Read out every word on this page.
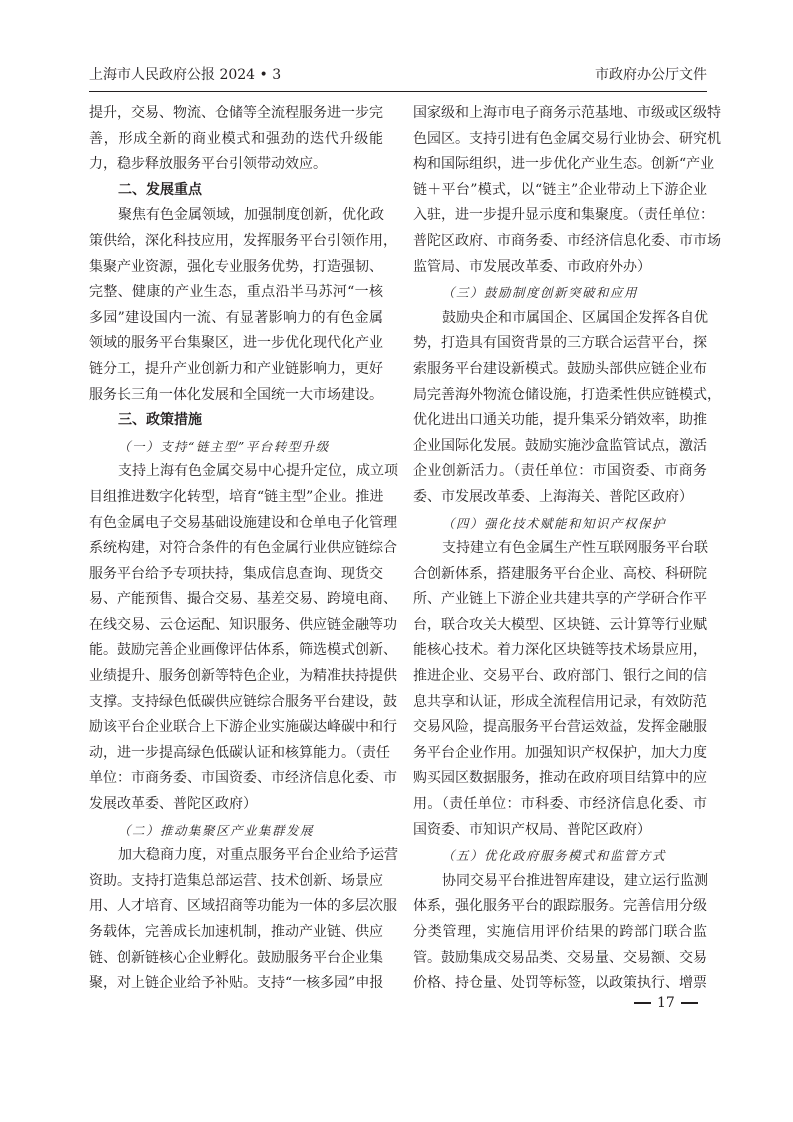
上海市人民政府公报 2024 • 3	市政府办公厅文件
提升，交易、物流、仓储等全流程服务进一步完
善，形成全新的商业模式和强劲的迭代升级能
力，稳步释放服务平台引领带动效应。
二、发展重点
聚焦有色金属领域，加强制度创新，优化政
策供给，深化科技应用，发挥服务平台引领作用，
集聚产业资源，强化专业服务优势，打造强韧、
完整、健康的产业生态，重点沿半马苏河“一核
多园”建设国内一流、有显著影响力的有色金属
领域的服务平台集聚区，进一步优化现代化产业
链分工，提升产业创新力和产业链影响力，更好
服务长三角一体化发展和全国统一大市场建设。
三、政策措施
（一）支持“链主型”平台转型升级
支持上海有色金属交易中心提升定位，成立项
目组推进数字化转型，培育“链主型”企业。推进
有色金属电子交易基础设施建设和仓单电子化管理
系统构建，对符合条件的有色金属行业供应链综合
服务平台给予专项扶持，集成信息查询、现货交
易、产能预售、撮合交易、基差交易、跨境电商、
在线交易、云仓运配、知识服务、供应链金融等功
能。鼓励完善企业画像评估体系，筛选模式创新、
业绩提升、服务创新等特色企业，为精准扶持提供
支撑。支持绿色低碳供应链综合服务平台建设，鼓
励该平台企业联合上下游企业实施碳达峰碳中和行
动，进一步提高绿色低碳认证和核算能力。（责任
单位：市商务委、市国资委、市经济信息化委、市
发展改革委、普陀区政府）
（二）推动集聚区产业集群发展
加大稳商力度，对重点服务平台企业给予运营
资助。支持打造集总部运营、技术创新、场景应
用、人才培育、区域招商等功能为一体的多层次服
务载体，完善成长加速机制，推动产业链、供应
链、创新链核心企业孵化。鼓励服务平台企业集
聚，对上链企业给予补贴。支持“一核多园”申报
国家级和上海市电子商务示范基地、市级或区级特
色园区。支持引进有色金属交易行业协会、研究机
构和国际组织，进一步优化产业生态。创新“产业
链＋平台”模式，以“链主”企业带动上下游企业
入驻，进一步提升显示度和集聚度。（责任单位：
普陀区政府、市商务委、市经济信息化委、市市场
监管局、市发展改革委、市政府外办）
（三）鼓励制度创新突破和应用
鼓励央企和市属国企、区属国企发挥各自优
势，打造具有国资背景的三方联合运营平台，探
索服务平台建设新模式。鼓励头部供应链企业布
局完善海外物流仓储设施，打造柔性供应链模式，
优化进出口通关功能，提升集采分销效率，助推
企业国际化发展。鼓励实施沙盒监管试点，激活
企业创新活力。（责任单位：市国资委、市商务
委、市发展改革委、上海海关、普陀区政府）
（四）强化技术赋能和知识产权保护
支持建立有色金属生产性互联网服务平台联
合创新体系，搭建服务平台企业、高校、科研院
所、产业链上下游企业共建共享的产学研合作平
台，联合攻关大模型、区块链、云计算等行业赋
能核心技术。着力深化区块链等技术场景应用，
推进企业、交易平台、政府部门、银行之间的信
息共享和认证，形成全流程信用记录，有效防范
交易风险，提高服务平台营运效益，发挥金融服
务平台企业作用。加强知识产权保护，加大力度
购买园区数据服务，推动在政府项目结算中的应
用。（责任单位：市科委、市经济信息化委、市
国资委、市知识产权局、普陀区政府）
（五）优化政府服务模式和监管方式
协同交易平台推进智库建设，建立运行监测
体系，强化服务平台的跟踪服务。完善信用分级
分类管理，实施信用评价结果的跨部门联合监
管。鼓励集成交易品类、交易量、交易额、交易
价格、持仓量、处罚等标签，以政策执行、增票
17
